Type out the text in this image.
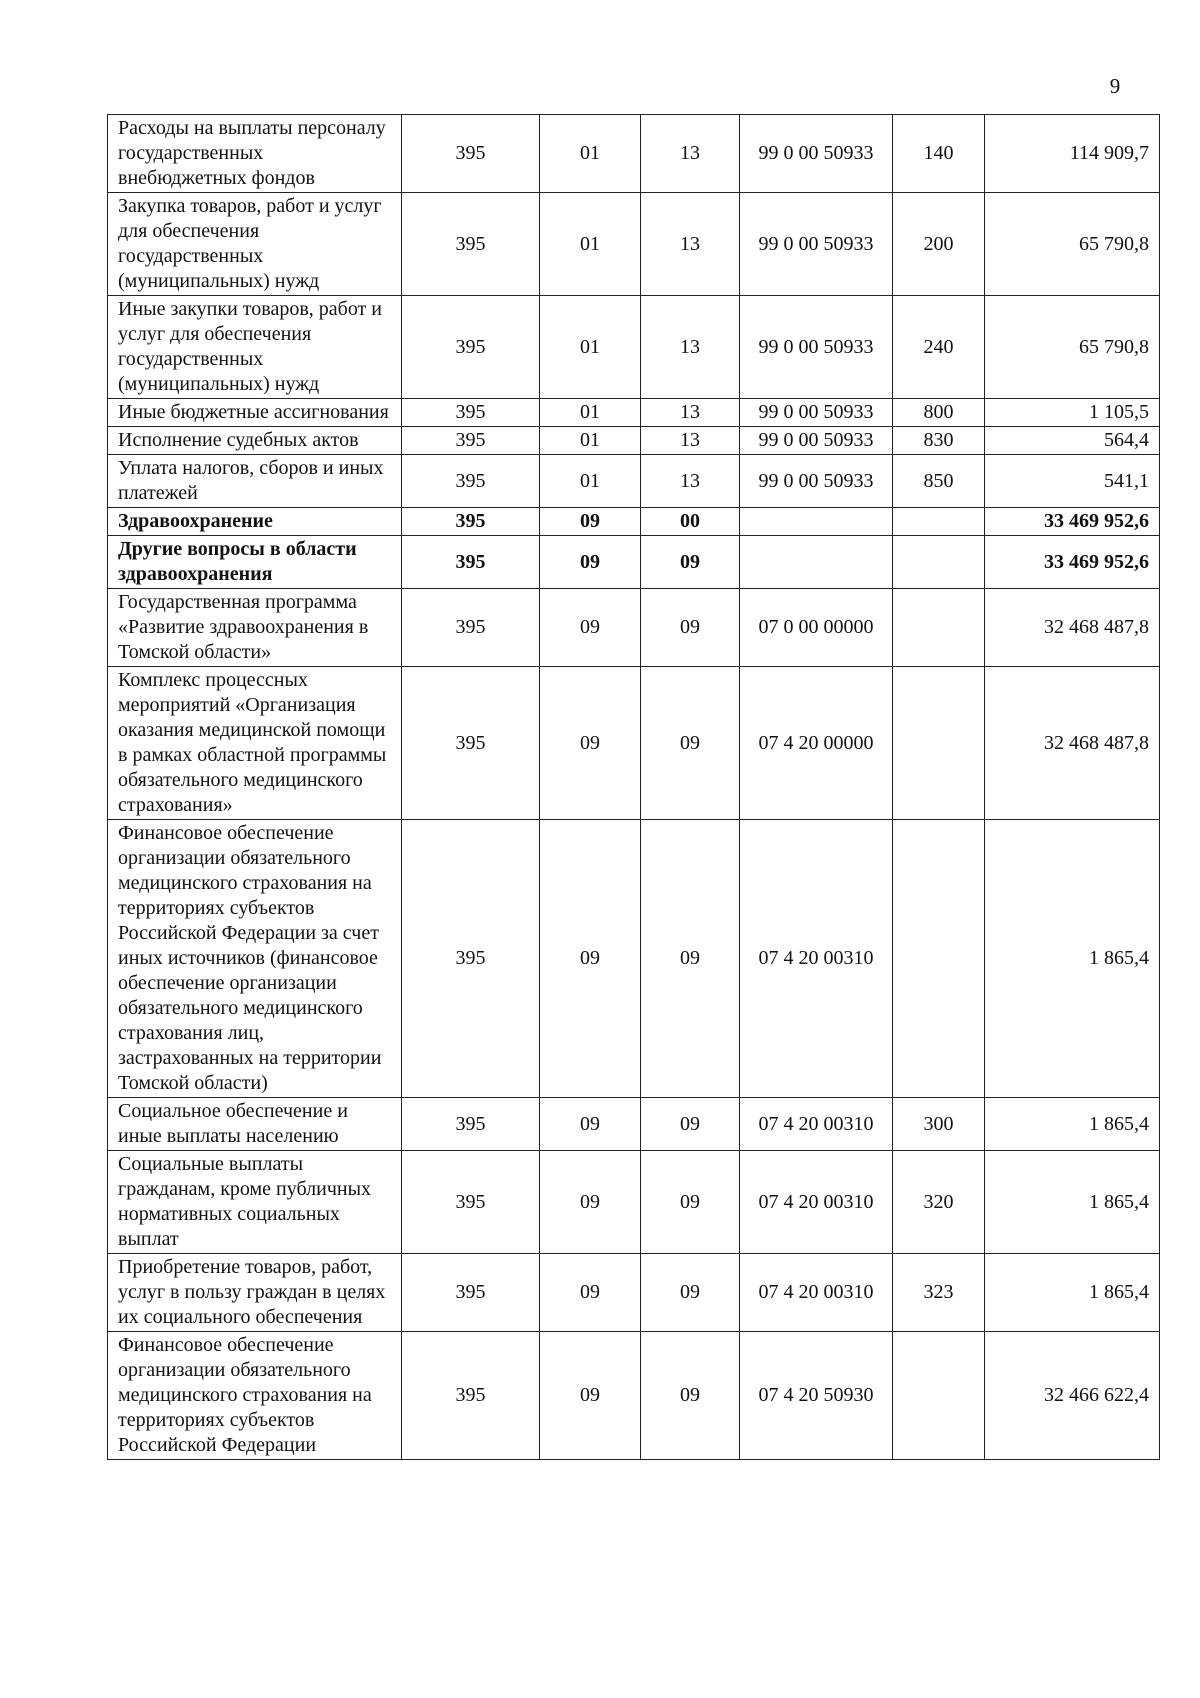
9
Расходы на выплаты персоналу государственных внебюджетных фондов	395	01	13	99 0 00 50933	140	114 909,7
Закупка товаров, работ и услуг для обеспечения государственных (муниципальных) нужд	395	01	13	99 0 00 50933	200	65 790,8
Иные закупки товаров, работ и услуг для обеспечения государственных (муниципальных) нужд	395	01	13	99 0 00 50933	240	65 790,8
Иные бюджетные ассигнования	395	01	13	99 0 00 50933	800	1 105,5
Исполнение судебных актов	395	01	13	99 0 00 50933	830	564,4
Уплата налогов, сборов и иных платежей	395	01	13	99 0 00 50933	850	541,1
Здравоохранение	395	09	00			33 469 952,6
Другие вопросы в области здравоохранения	395	09	09			33 469 952,6
Государственная программа «Развитие здравоохранения в Томской области»	395	09	09	07 0 00 00000		32 468 487,8
Комплекс процессных мероприятий «Организация оказания медицинской помощи в рамках областной программы обязательного медицинского страхования»	395	09	09	07 4 20 00000		32 468 487,8
Финансовое обеспечение организации обязательного медицинского страхования на территориях субъектов Российской Федерации за счет иных источников (финансовое обеспечение организации обязательного медицинского страхования лиц, застрахованных на территории Томской области)	395	09	09	07 4 20 00310		1 865,4
Социальное обеспечение и иные выплаты населению	395	09	09	07 4 20 00310	300	1 865,4
Социальные выплаты гражданам, кроме публичных нормативных социальных выплат	395	09	09	07 4 20 00310	320	1 865,4
Приобретение товаров, работ, услуг в пользу граждан в целях их социального обеспечения	395	09	09	07 4 20 00310	323	1 865,4
Финансовое обеспечение организации обязательного медицинского страхования на территориях субъектов Российской Федерации	395	09	09	07 4 20 50930		32 466 622,4
